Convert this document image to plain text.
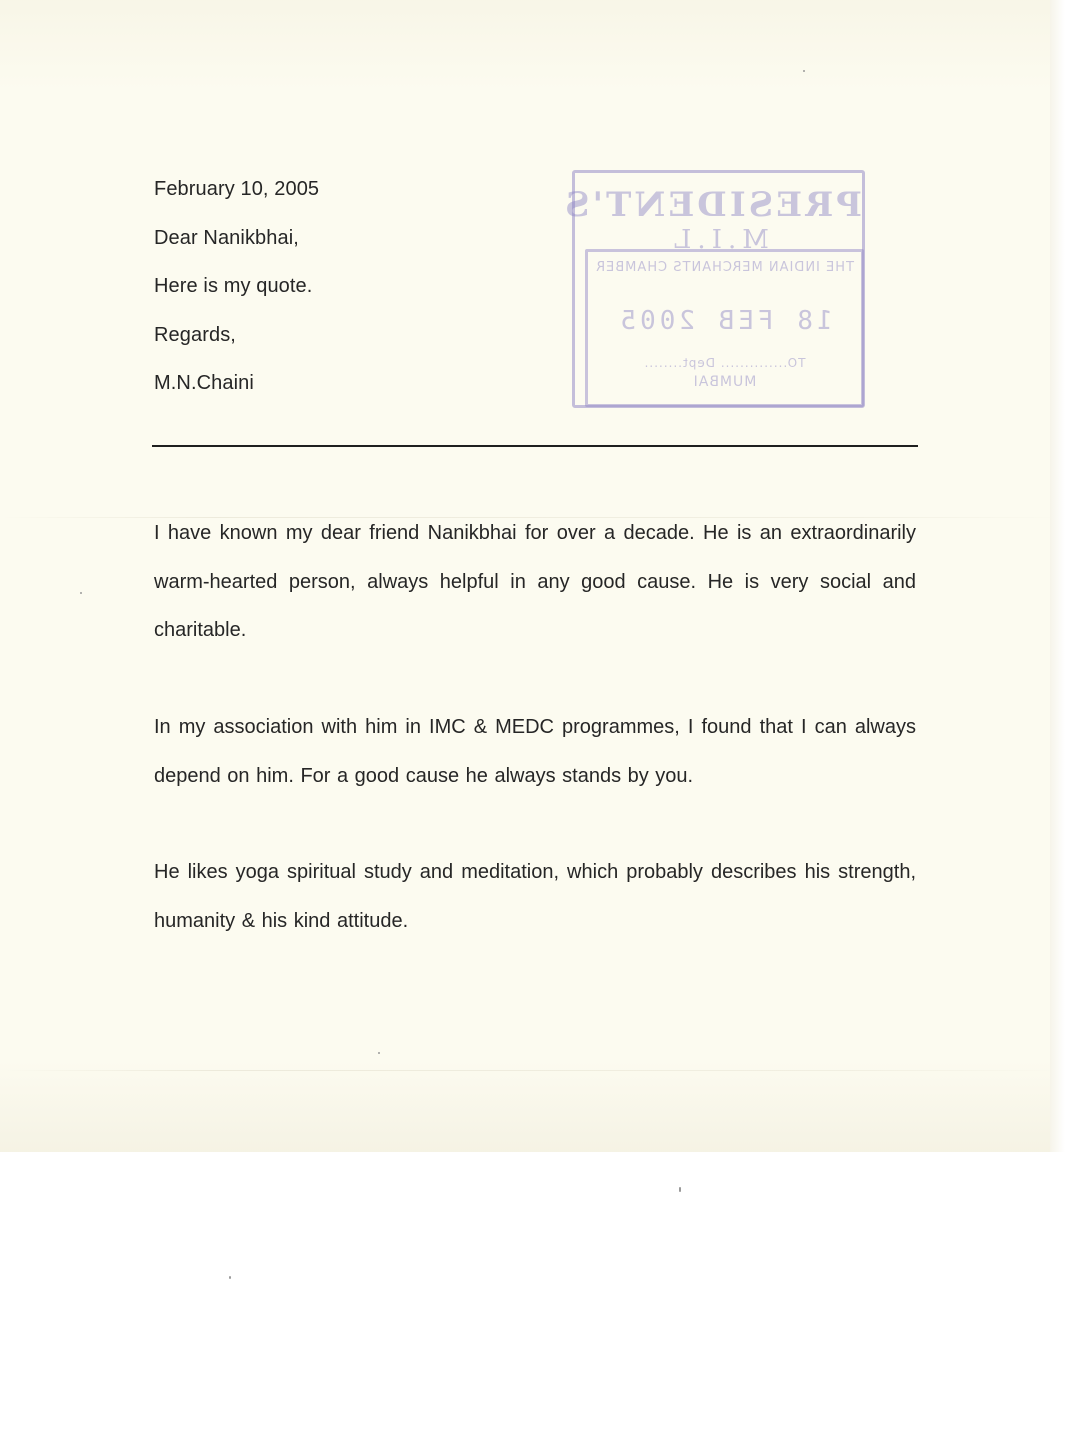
February 10, 2005
Dear Nanikbhai,
Here is my quote.
Regards,
M.N.Chaini
PRESIDENT'S
M.I.L
THE INDIAN MERCHANTS CHAMBER
18 FEB 2005
TO.............. Dept........
MUMBAI
I have known my dear friend Nanikbhai for over a decade. He is an extraordinarily warm-hearted person, always helpful in any good cause. He is very social and charitable.
In my association with him in IMC & MEDC programmes, I found that I can always depend on him. For a good cause he always stands by you.
He likes yoga spiritual study and meditation, which probably describes his strength, humanity & his kind attitude.
